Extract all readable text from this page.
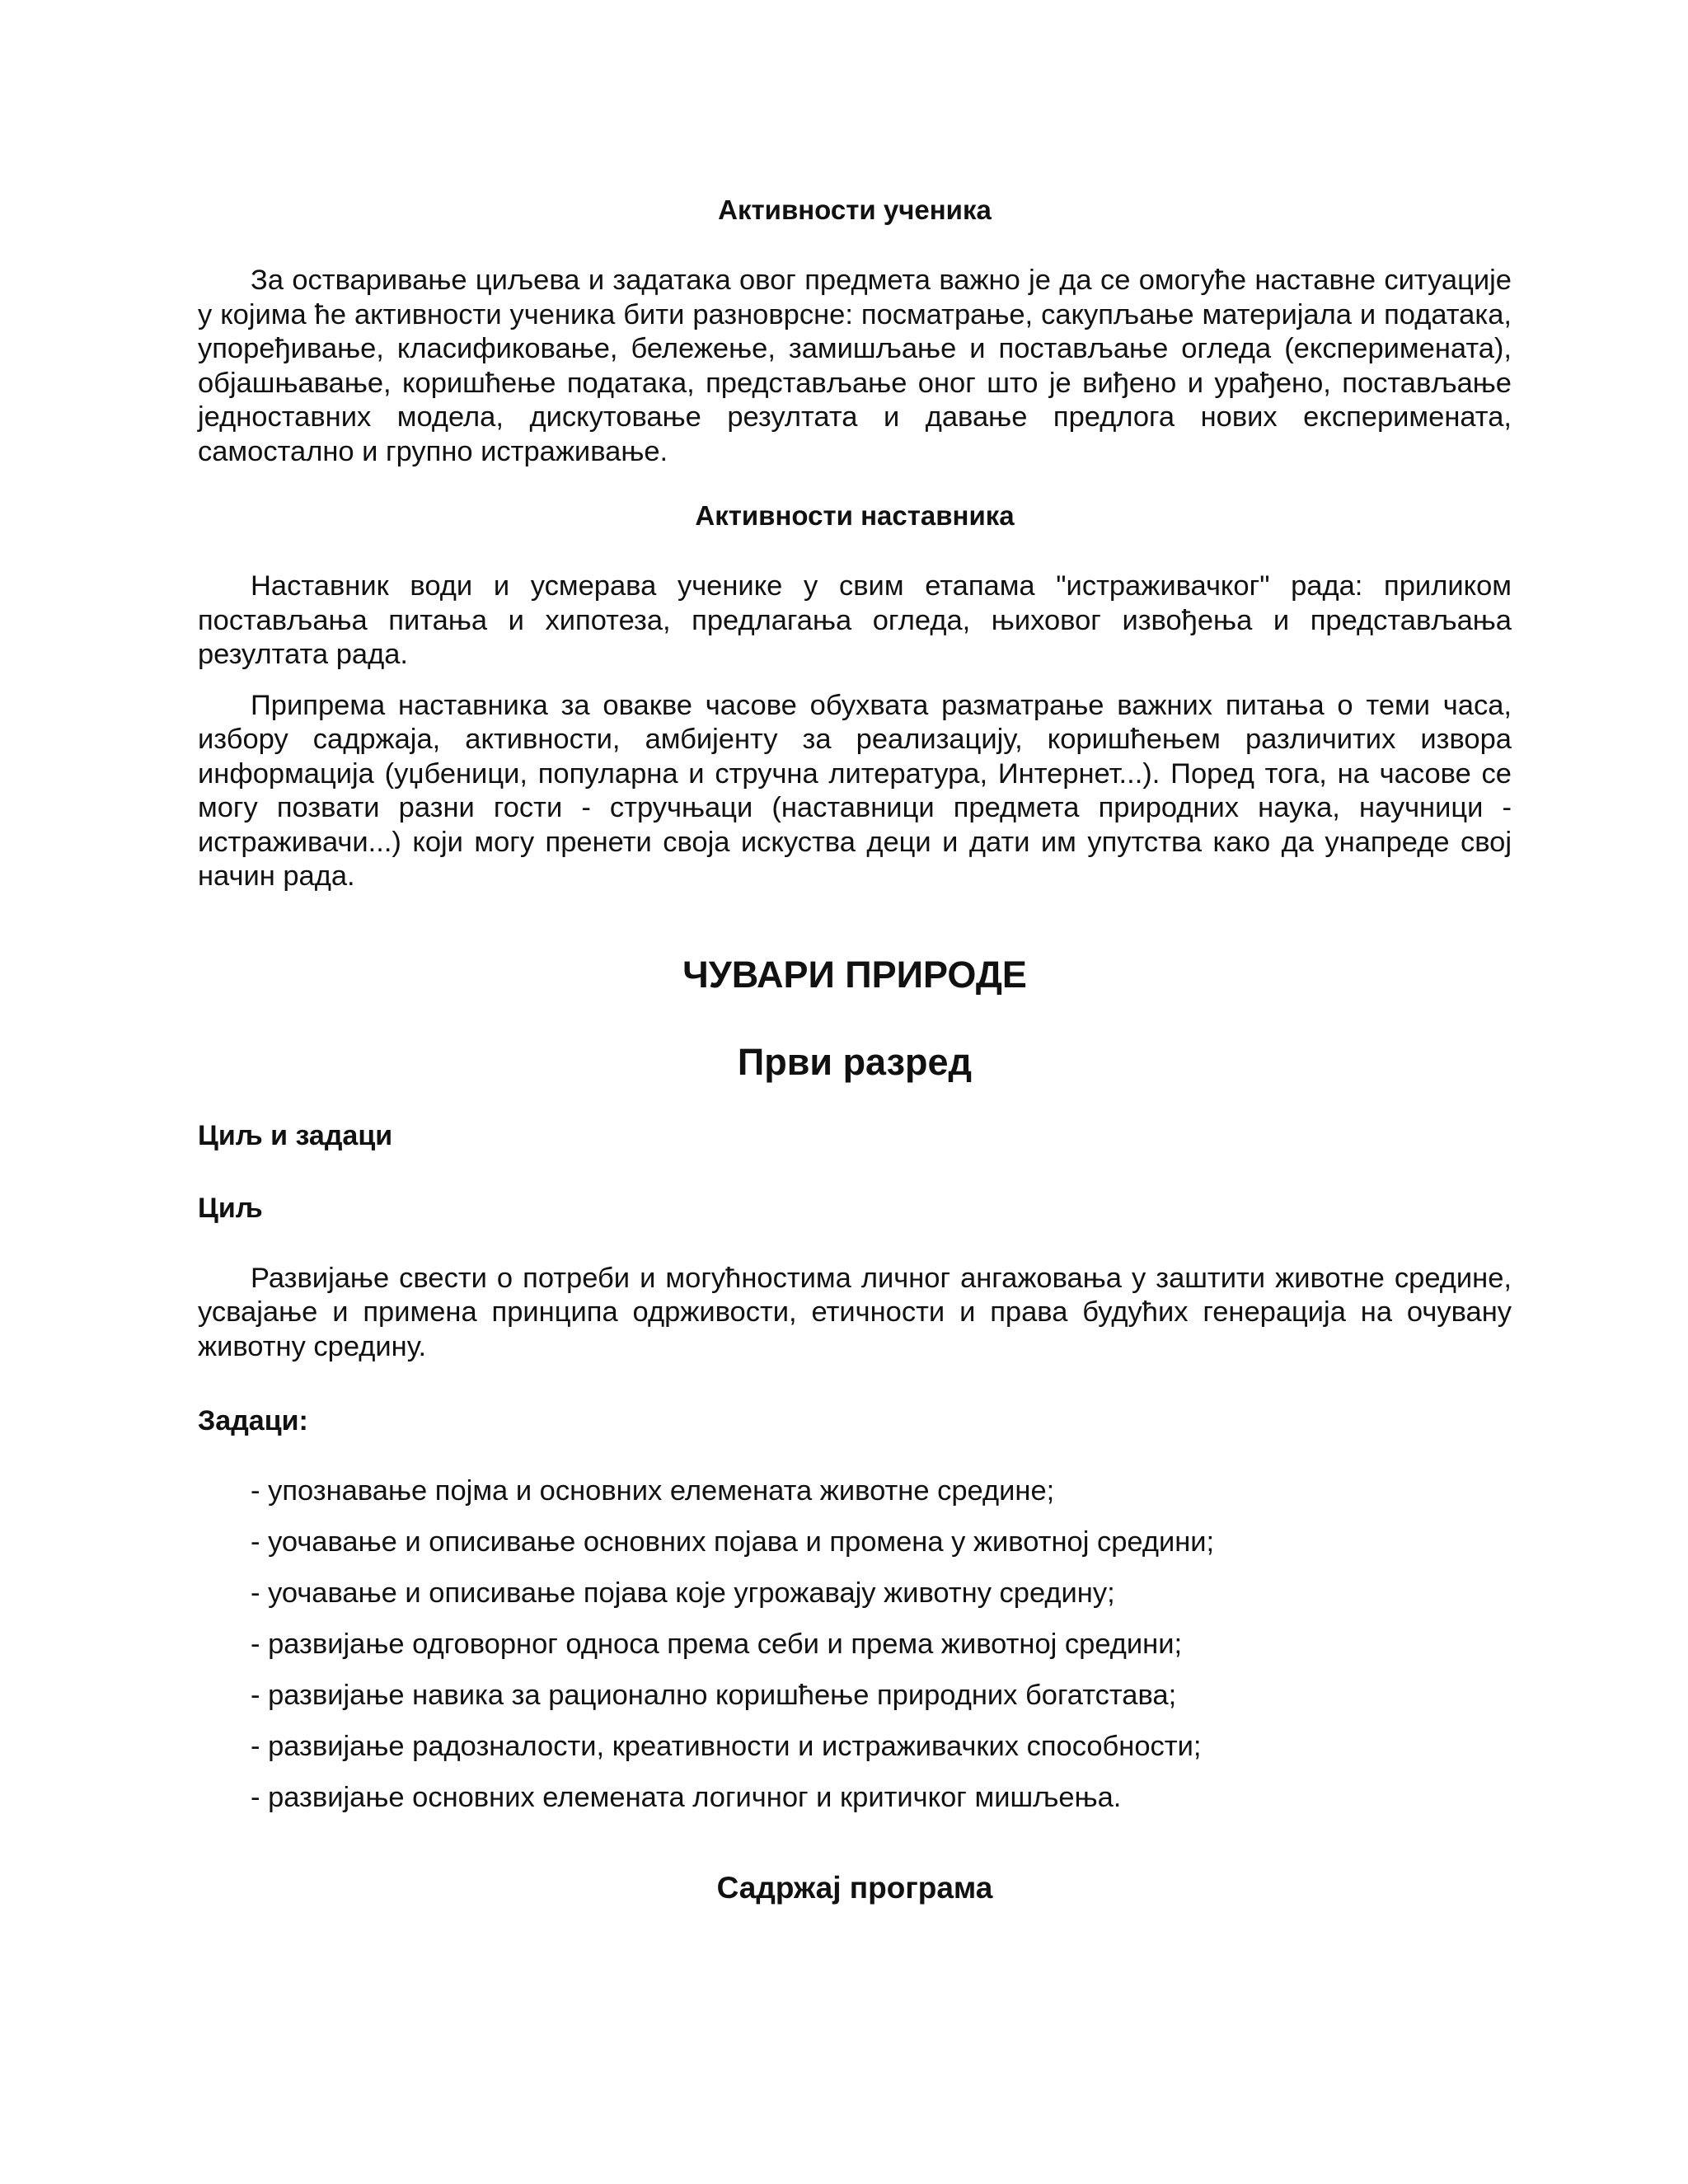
Активности ученика

За остваривање циљева и задатака овог предмета важно је да се омогуће наставне ситуације у којима ће активности ученика бити разноврсне: посматрање, сакупљање материјала и података, упоређивање, класификовање, бележење, замишљање и постављање огледа (експеримената), објашњавање, коришћење података, представљање оног што је виђено и урађено, постављање једноставних модела, дискутовање резултата и давање предлога нових експеримената, самостално и групно истраживање.

Активности наставника

Наставник води и усмерава ученике у свим етапама "истраживачког" рада: приликом постављања питања и хипотеза, предлагања огледа, њиховог извођења и представљања резултата рада.

Припрема наставника за овакве часове обухвата разматрање важних питања о теми часа, избору садржаја, активности, амбијенту за реализацију, коришћењем различитих извора информација (уџбеници, популарна и стручна литература, Интернет...). Поред тога, на часове се могу позвати разни гости - стручњаци (наставници предмета природних наука, научници - истраживачи...) који могу пренети своја искуства деци и дати им упутства како да унапреде свој начин рада.

ЧУВАРИ ПРИРОДЕ
Први разред
Циљ и задаци
Циљ

Развијање свести о потреби и могућностима личног ангажовања у заштити животне средине, усвајање и примена принципа одрживости, етичности и права будућих генерација на очувану животну средину.

Задаци:
- упознавање појма и основних елемената животне средине;
- уочавање и описивање основних појава и промена у животној средини;
- уочавање и описивање појава које угрожавају животну средину;
- развијање одговорног односа према себи и према животној средини;
- развијање навика за рационално коришћење природних богатстава;
- развијање радозналости, креативности и истраживачких способности;
- развијање основних елемената логичног и критичког мишљења.
Садржај програма
